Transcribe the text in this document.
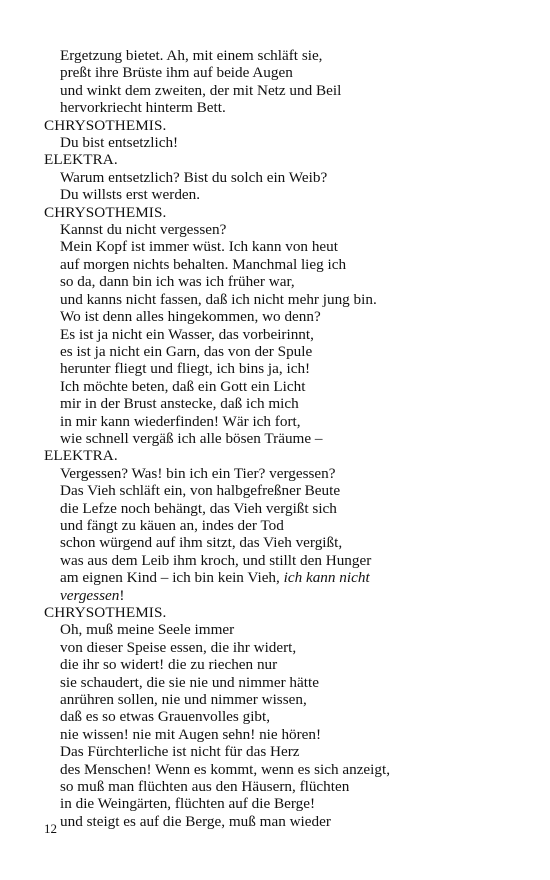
Ergetzung bietet. Ah, mit einem schläft sie,
preßt ihre Brüste ihm auf beide Augen
und winkt dem zweiten, der mit Netz und Beil
hervorkriecht hinterm Bett.
CHRYSOTHEMIS.
Du bist entsetzlich!
ELEKTRA.
Warum entsetzlich? Bist du solch ein Weib?
Du willsts erst werden.
CHRYSOTHEMIS.
Kannst du nicht vergessen?
Mein Kopf ist immer wüst. Ich kann von heut
auf morgen nichts behalten. Manchmal lieg ich
so da, dann bin ich was ich früher war,
und kanns nicht fassen, daß ich nicht mehr jung bin.
Wo ist denn alles hingekommen, wo denn?
Es ist ja nicht ein Wasser, das vorbeirinnt,
es ist ja nicht ein Garn, das von der Spule
herunter fliegt und fliegt, ich bins ja, ich!
Ich möchte beten, daß ein Gott ein Licht
mir in der Brust anstecke, daß ich mich
in mir kann wiederfinden! Wär ich fort,
wie schnell vergäß ich alle bösen Träume –
ELEKTRA.
Vergessen? Was! bin ich ein Tier? vergessen?
Das Vieh schläft ein, von halbgefreßner Beute
die Lefze noch behängt, das Vieh vergißt sich
und fängt zu käuen an, indes der Tod
schon würgend auf ihm sitzt, das Vieh vergißt,
was aus dem Leib ihm kroch, und stillt den Hunger
am eignen Kind – ich bin kein Vieh, ich kann nicht
vergessen!
CHRYSOTHEMIS.
Oh, muß meine Seele immer
von dieser Speise essen, die ihr widert,
die ihr so widert! die zu riechen nur
sie schaudert, die sie nie und nimmer hätte
anrühren sollen, nie und nimmer wissen,
daß es so etwas Grauenvolles gibt,
nie wissen! nie mit Augen sehn! nie hören!
Das Fürchterliche ist nicht für das Herz
des Menschen! Wenn es kommt, wenn es sich anzeigt,
so muß man flüchten aus den Häusern, flüchten
in die Weingärten, flüchten auf die Berge!
und steigt es auf die Berge, muß man wieder
12
